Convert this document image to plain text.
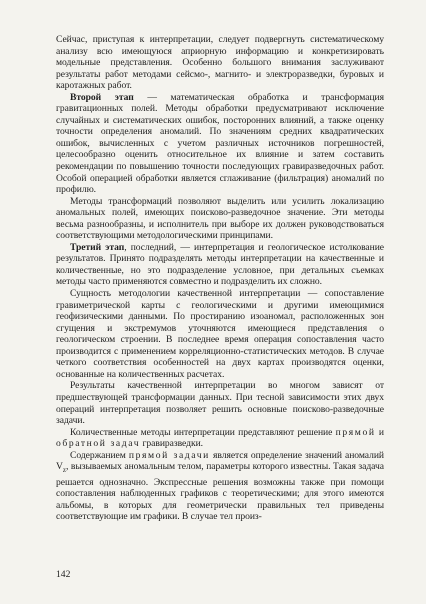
Сейчас, приступая к интерпретации, следует подвергнуть систематическому анализу всю имеющуюся априорную информацию и конкретизировать модельные представления. Особенно большого внимания заслуживают результаты работ методами сейсмо-, магнито- и электроразведки, буровых и каротажных работ.

Второй этап — математическая обработка и трансформация гравитационных полей. Методы обработки предусматривают исключение случайных и систематических ошибок, посторонних влияний, а также оценку точности определения аномалий. По значениям средних квадратических ошибок, вычисленных с учетом различных источников погрешностей, целесообразно оценить относительное их влияние и затем составить рекомендации по повышению точности последующих гравиразведочных работ. Особой операцией обработки является сглаживание (фильтрация) аномалий по профилю.

Методы трансформаций позволяют выделить или усилить локализацию аномальных полей, имеющих поисково-разведочное значение. Эти методы весьма разнообразны, и исполнитель при выборе их должен руководствоваться соответствующими методологическими принципами.

Третий этап, последний, — интерпретация и геологическое истолкование результатов. Принято подразделять методы интерпретации на качественные и количественные, но это подразделение условное, при детальных съемках методы часто применяются совместно и подразделить их сложно.

Сущность методологии качественной интерпретации — сопоставление гравиметрической карты с геологическими и другими имеющимися геофизическими данными. По простиранию изоаномал, расположенных зон сгущения и экстремумов уточняются имеющиеся представления о геологическом строении. В последнее время операция сопоставления часто производится с применением корреляционно-статистических методов. В случае четкого соответствия особенностей на двух картах производятся оценки, основанные на количественных расчетах.

Результаты качественной интерпретации во многом зависят от предшествующей трансформации данных. При тесной зависимости этих двух операций интерпретация позволяет решить основные поисково-разведочные задачи.

Количественные методы интерпретации представляют решение прямой и обратной задач гравиразведки.

Содержанием прямой задачи является определение значений аномалий $V_z$, вызываемых аномальным телом, параметры которого известны. Такая задача решается однозначно. Экспрессные решения возможны также при помощи сопоставления наблюденных графиков с теоретическими; для этого имеются альбомы, в которых для геометрически правильных тел приведены соответствующие им графики. В случае тел произ-

142
